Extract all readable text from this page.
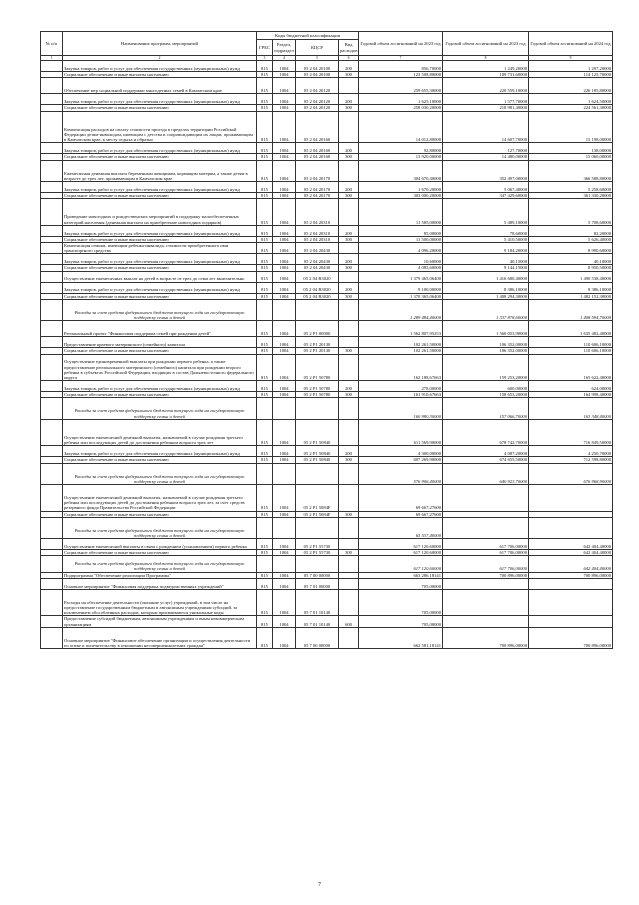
№ п/п	Наименование программ, мероприятий	Коды бюджетной классификации				Годовой объем ассигнований на 2023 год	Годовой объем ассигнований на 2023 год	Годовой объем ассигнований на 2024 год
		ГРБС	Раздел, подраздел	КЦСР	Вид расходов			
1	2	3	4	5	6	7	8	9
	Закупка товаров, работ и услуг для обеспечения государственных (муниципальных) нужд	815	1004	05 2 04 20100	200	856,70000	1 249,20000	1 297,20000
	Социальное обеспечение и иные выплаты населению	815	1004	05 2 04 20100	300	123 508,80000	109 731,60000	114 125,70000
	Обеспечение мер социальной поддержки многодетных семей в Камчатском крае	815	1004	05 2 04 20120		259 655,30000	220 559,10000	226 185,80000
	Закупка товаров, работ и услуг для обеспечения государственных (муниципальных) нужд	815	1004	05 2 04 20120	200	1 625,10000	1 577,70000	1 624,50000
	Социальное обеспечение и иные выплаты населению	815	1004	05 2 04 20120	300	258 030,20000	218 981,40000	224 561,30000
	Компенсация расходов на оплату стоимости проезда в пределах территории Российской Федерации детям-инвалидам, имеющим с детства и сопровождающим их лицам, проживающим в Камчатском крае, к месту отдыха и обратно	815	1004	05 2 04 20160		14 012,80000	14 607,70000	15 198,00000
	Закупка товаров, работ и услуг для обеспечения государственных (муниципальных) нужд	815	1004	05 2 04 20160	200	92,80000	127,70000	138,00000
	Социальное обеспечение и иные выплаты населению	815	1004	05 2 04 20160	300	13 920,00000	14 480,00000	15 060,00000
	Ежемесячная денежная выплата беременным женщинам, кормящим матерям, а также детям в возрасте до трех лет, проживающим в Камчатском крае	815	1004	05 2 04 20170		304 670,40000	352 497,00000	366 588,80000
	Закупка товаров, работ и услуг для обеспечения государственных (муниципальных) нужд	815	1004	05 2 04 20170	200	1 670,20000	5 067,40000	5 258,60000
	Социальное обеспечение и иные выплаты населению	815	1004	05 2 04 20170	300	303 000,20000	347 429,60000	361 330,20000
	Проведение новогодних и рождественских мероприятий в поддержку малообеспеченных категорий населения (денежная выплата на приобретение новогодних подарков)	815	1004	05 2 04 20310		11 585,00000	5 489,10000	5 708,60000
	Закупка товаров, работ и услуг для обеспечения государственных (муниципальных) нужд	815	1004	05 2 04 20310	200	85,00000	78,60000	82,20000
	Социальное обеспечение и иные выплаты населению	815	1004	05 2 04 20310	300	11 500,00000	5 410,50000	5 626,40000
	Компенсация семьям, имеющим ребенка-инвалида, стоимости приобретенного ими транспортного средства	815	1004	05 2 04 20430		4 096,20000	9 184,20000	8 990,60000
	Закупка товаров, работ и услуг для обеспечения государственных (муниципальных) нужд	815	1004	05 2 04 20430	200	10,60000	40,15000	40,10000
	Социальное обеспечение и иные выплаты населению	815	1004	05 2 04 20430	300	4 085,60000	9 144,15000	8 950,50000
	Осуществление ежемесячных выплат на детей в возрасте от трех до семи лет включительно	815	1004	05 2 04 R3020		1 379 465,06400	1 416 680,40000	1 490 538,40000
	Закупка товаров, работ и услуг для обеспечения государственных (муниципальных) нужд	815	1004	05 2 04 R3020	200	9 100,00000	8 386,10000	8 386,10000
	Социальное обеспечение и иные выплаты населению	815	1004	05 2 04 R3020	300	1 370 365,06400	1 408 294,30000	1 482 152,30000
	Расходы за счет средств федерального бюджета текущего года на государственную поддержку семьи и детей					1 289 484,40000	1 337 878,60000	1 408 594,70000
	Региональный проект "Финансовая поддержка семей при рождении детей"	815	1004	05 2 P1 00000		1 562 807,95253	1 560 053,90000	1 635 482,40000
	Предоставление краевого материнского (семейного) капитала	815	1004	05 2 P1 20130		102 261,50000	106 352,00000	110 606,10000
	Социальное обеспечение и иные выплаты населению	815	1004	05 2 P1 20130	300	102 261,50000	106 352,00000	110 606,10000
	Осуществление единовременной выплаты при рождении первого ребенка, а также предоставление регионального материнского (семейного) капитала при рождении второго ребенка в субъектах Российской Федерации, входящих в состав Дальневосточного федерального округа	815	1004	05 2 P1 50780		162 188,67663	159 253,20000	165 622,40000
	Закупка товаров, работ и услуг для обеспечения государственных (муниципальных) нужд	815	1004	05 2 P1 50780	200	278,00000	600,00000	624,00000
	Социальное обеспечение и иные выплаты населению	815	1004	05 2 P1 50780	300	161 910,67663	158 653,20000	164 998,40000
	Расходы за счет средств федерального бюджета текущего года на государственную поддержку семьи и детей					160 980,30000	157 066,70000	163 348,40000
	Осуществление ежемесячной денежной выплаты, назначаемой в случае рождения третьего ребенка или последующих детей до достижения ребенком возраста трех лет	815	1004	05 2 P1 50840		611 569,90000	678 742,70000	716 849,50000
	Закупка товаров, работ и услуг для обеспечения государственных (муниципальных) нужд	815	1004	05 2 P1 50840	200	4 300,00000	4 087,20000	4 250,70000
	Социальное обеспечение и иные выплаты населению	815	1004	05 2 P1 50840	300	607 269,90000	674 655,50000	712 598,80000
	Расходы за счет средств федерального бюджета текущего года на государственную поддержку семьи и детей					576 906,40000	640 923,70000	676 968,90000
	Осуществление ежемесячной денежной выплаты, назначаемой в случае рождения третьего ребенка или последующих детей до достижения ребенком возраста трех лет, за счет средств резервного фонда Правительства Российской Федерации	815	1004	05 2 P1 5084F		69 667,27600		
	Социальное обеспечение и иные выплаты населению	815	1004	05 2 P1 5084F	300	69 667,27600		
	Расходы за счет средств федерального бюджета текущего года на государственную поддержку семьи и детей					65 537,40000		
	Осуществление ежемесячной выплаты в связи с рождением (усыновлением) первого ребенка	815	1004	05 2 P1 55730		617 120,60000	617 706,00000	642 404,40000
	Социальное обеспечение и иные выплаты населению	815	1004	05 2 P1 55730	300	617 120,60000	617 706,00000	642 404,40000
	Расходы за счет средств федерального бюджета текущего года на государственную поддержку семьи и детей					617 120,60000	617 706,00000	642 404,40000
	Подпрограмма "Обеспечение реализации Программы"	815	1004	05 7 00 00000		663 286,18141	700 896,00000	700 896,00000
	Основное мероприятие "Финансовая поддержка подведомственных учреждений"	815	1004	05 7 01 00000		705,00000		
	Расходы на обеспечение деятельности (оказание услуг) учреждений, в том числе на предоставление государственным бюджетным и автономным учреждениям субсидий, за исключением обособленных расходов, которым присваиваются уникальные коды	815	1004	05 7 01 10140		705,00000		
	Предоставление субсидий бюджетным, автономным учреждениям и иным некоммерческим организациям	815	1004	05 7 01 10140	600	705,00000		
	Основное мероприятие "Финансовое обеспечение организации и осуществления деятельности по опеке и попечительству в отношении несовершеннолетних граждан"	815	1004	05 7 06 00000		662 581,18141	700 896,00000	700 896,00000
7
